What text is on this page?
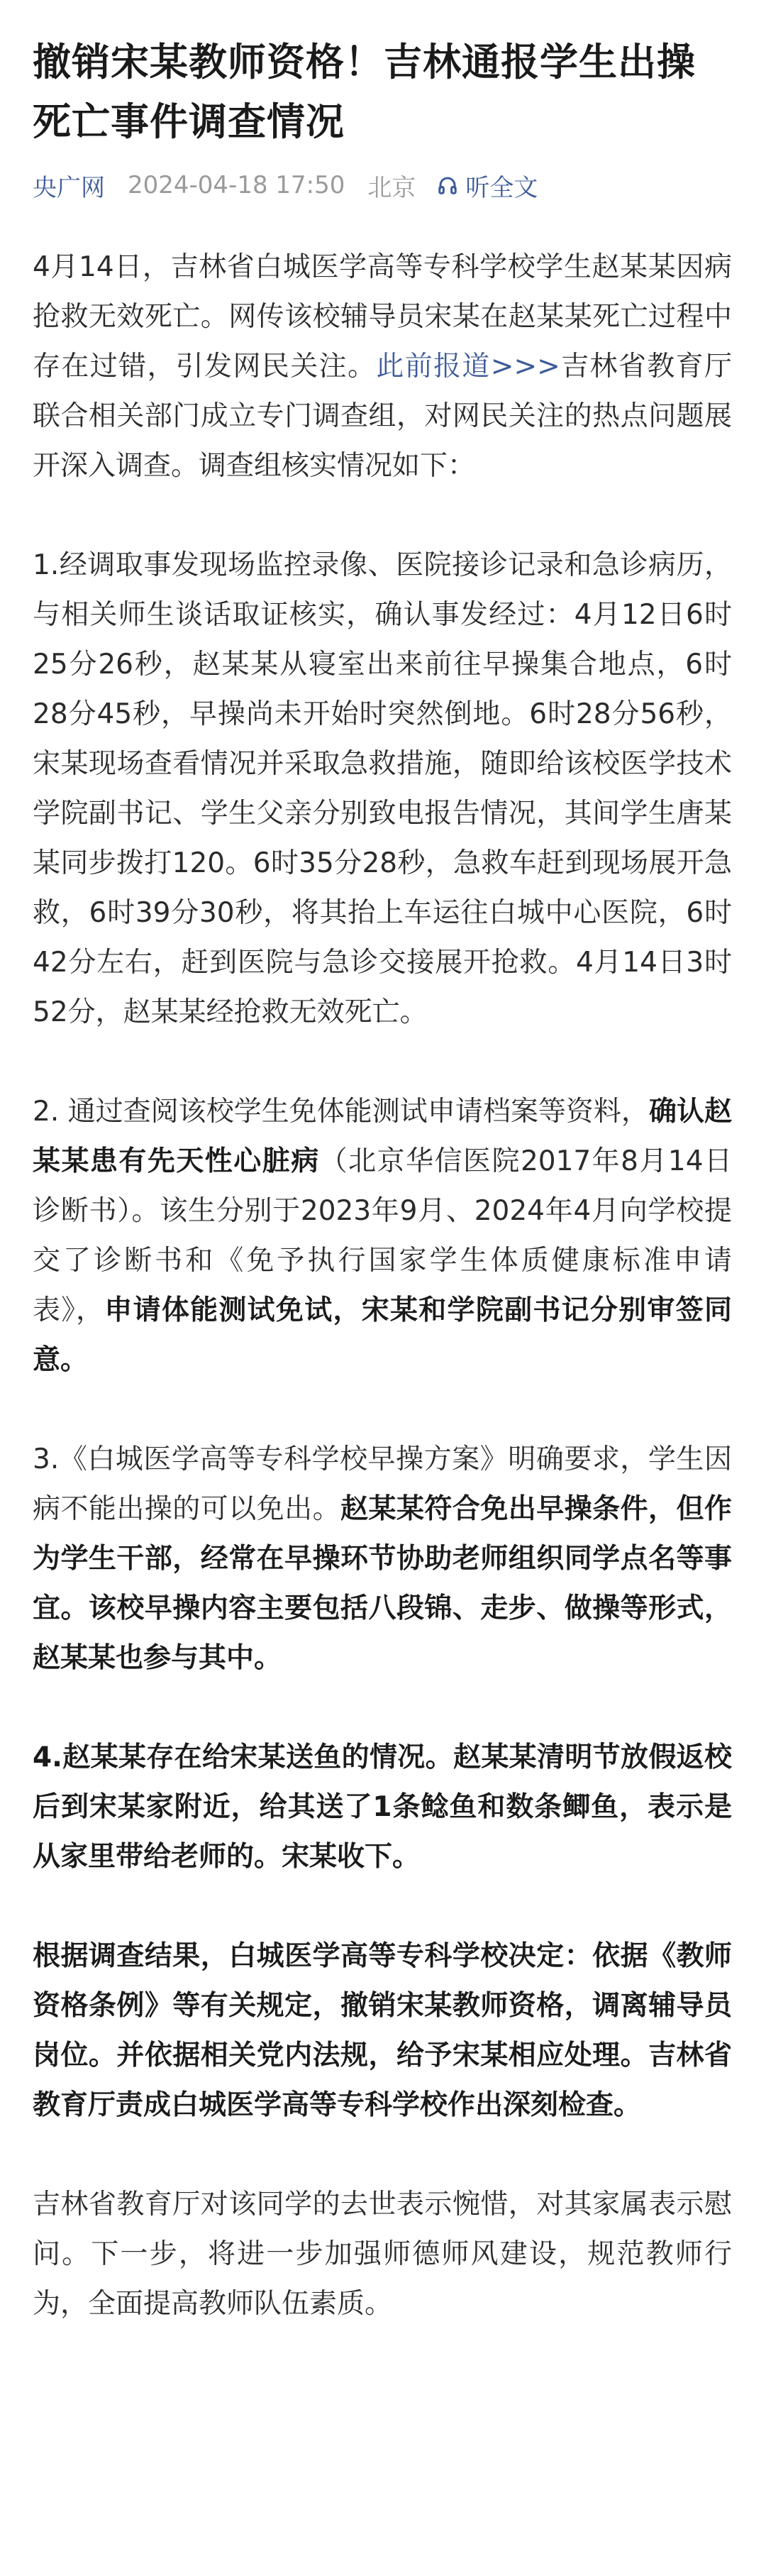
撤销宋某教师资格！吉林通报学生出操死亡事件调查情况
央广网 2024-04-18 17:50 北京 听全文

4月14日，吉林省白城医学高等专科学校学生赵某某因病抢救无效死亡。网传该校辅导员宋某在赵某某死亡过程中存在过错，引发网民关注。此前报道>>>吉林省教育厅联合相关部门成立专门调查组，对网民关注的热点问题展开深入调查。调查组核实情况如下：

1.经调取事发现场监控录像、医院接诊记录和急诊病历，与相关师生谈话取证核实，确认事发经过：4月12日6时25分26秒，赵某某从寝室出来前往早操集合地点，6时28分45秒，早操尚未开始时突然倒地。6时28分56秒，宋某现场查看情况并采取急救措施，随即给该校医学技术学院副书记、学生父亲分别致电报告情况，其间学生唐某某同步拨打120。6时35分28秒，急救车赶到现场展开急救，6时39分30秒，将其抬上车运往白城中心医院，6时42分左右，赶到医院与急诊交接展开抢救。4月14日3时52分，赵某某经抢救无效死亡。

2. 通过查阅该校学生免体能测试申请档案等资料，确认赵某某患有先天性心脏病（北京华信医院2017年8月14日诊断书）。该生分别于2023年9月、2024年4月向学校提交了诊断书和《免予执行国家学生体质健康标准申请表》，申请体能测试免试，宋某和学院副书记分别审签同意。

3.《白城医学高等专科学校早操方案》明确要求，学生因病不能出操的可以免出。赵某某符合免出早操条件，但作为学生干部，经常在早操环节协助老师组织同学点名等事宜。该校早操内容主要包括八段锦、走步、做操等形式，赵某某也参与其中。

4.赵某某存在给宋某送鱼的情况。赵某某清明节放假返校后到宋某家附近，给其送了1条鲶鱼和数条鲫鱼，表示是从家里带给老师的。宋某收下。

根据调查结果，白城医学高等专科学校决定：依据《教师资格条例》等有关规定，撤销宋某教师资格，调离辅导员岗位。并依据相关党内法规，给予宋某相应处理。吉林省教育厅责成白城医学高等专科学校作出深刻检查。

吉林省教育厅对该同学的去世表示惋惜，对其家属表示慰问。下一步，将进一步加强师德师风建设，规范教师行为，全面提高教师队伍素质。
